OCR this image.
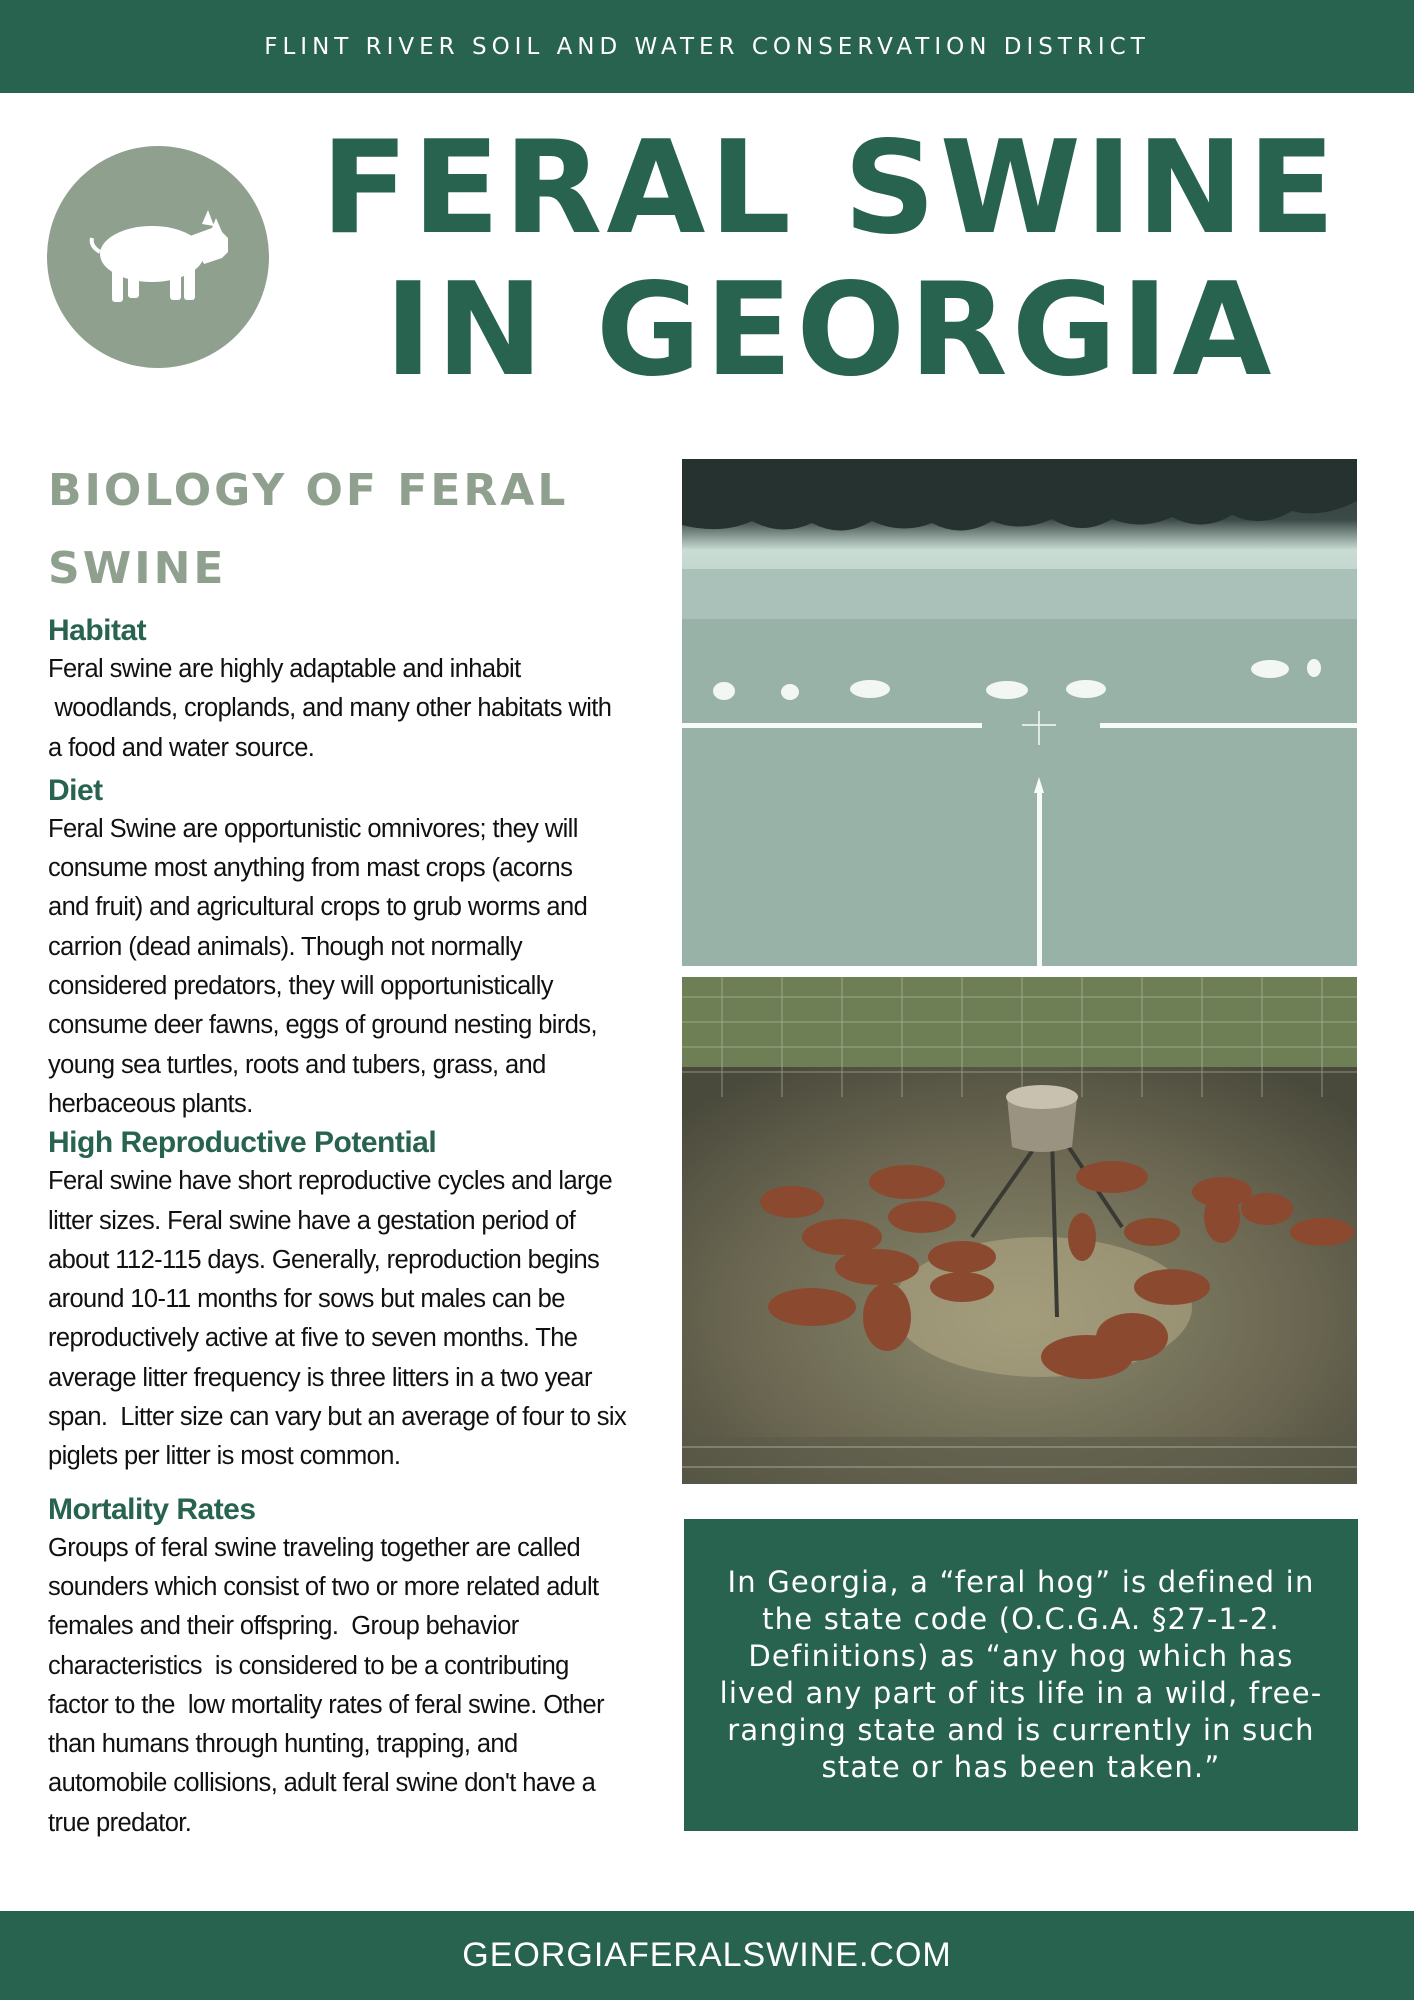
FLINT RIVER SOIL AND WATER CONSERVATION DISTRICT
FERAL SWINE
IN GEORGIA
BIOLOGY OF FERAL SWINE
Habitat
Feral swine are highly adaptable and inhabit
woodlands, croplands, and many other habitats with
a food and water source.
Diet
Feral Swine are opportunistic omnivores; they will
consume most anything from mast crops (acorns
and fruit) and agricultural crops to grub worms and
carrion (dead animals). Though not normally
considered predators, they will opportunistically
consume deer fawns, eggs of ground nesting birds,
young sea turtles, roots and tubers, grass, and
herbaceous plants.
High Reproductive Potential
Feral swine have short reproductive cycles and large
litter sizes. Feral swine have a gestation period of
about 112-115 days. Generally, reproduction begins
around 10-11 months for sows but males can be
reproductively active at five to seven months. The
average litter frequency is three litters in a two year
span.  Litter size can vary but an average of four to six
piglets per litter is most common.
Mortality Rates
Groups of feral swine traveling together are called
sounders which consist of two or more related adult
females and their offspring.  Group behavior
characteristics  is considered to be a contributing
factor to the  low mortality rates of feral swine. Other
than humans through hunting, trapping, and
automobile collisions, adult feral swine don't have a
true predator.

In Georgia, a “feral hog” is defined in the state code (O.C.G.A. §27-1-2. Definitions) as “any hog which has lived any part of its life in a wild, free-ranging state and is currently in such state or has been taken.”

GEORGIAFERALSWINE.COM
